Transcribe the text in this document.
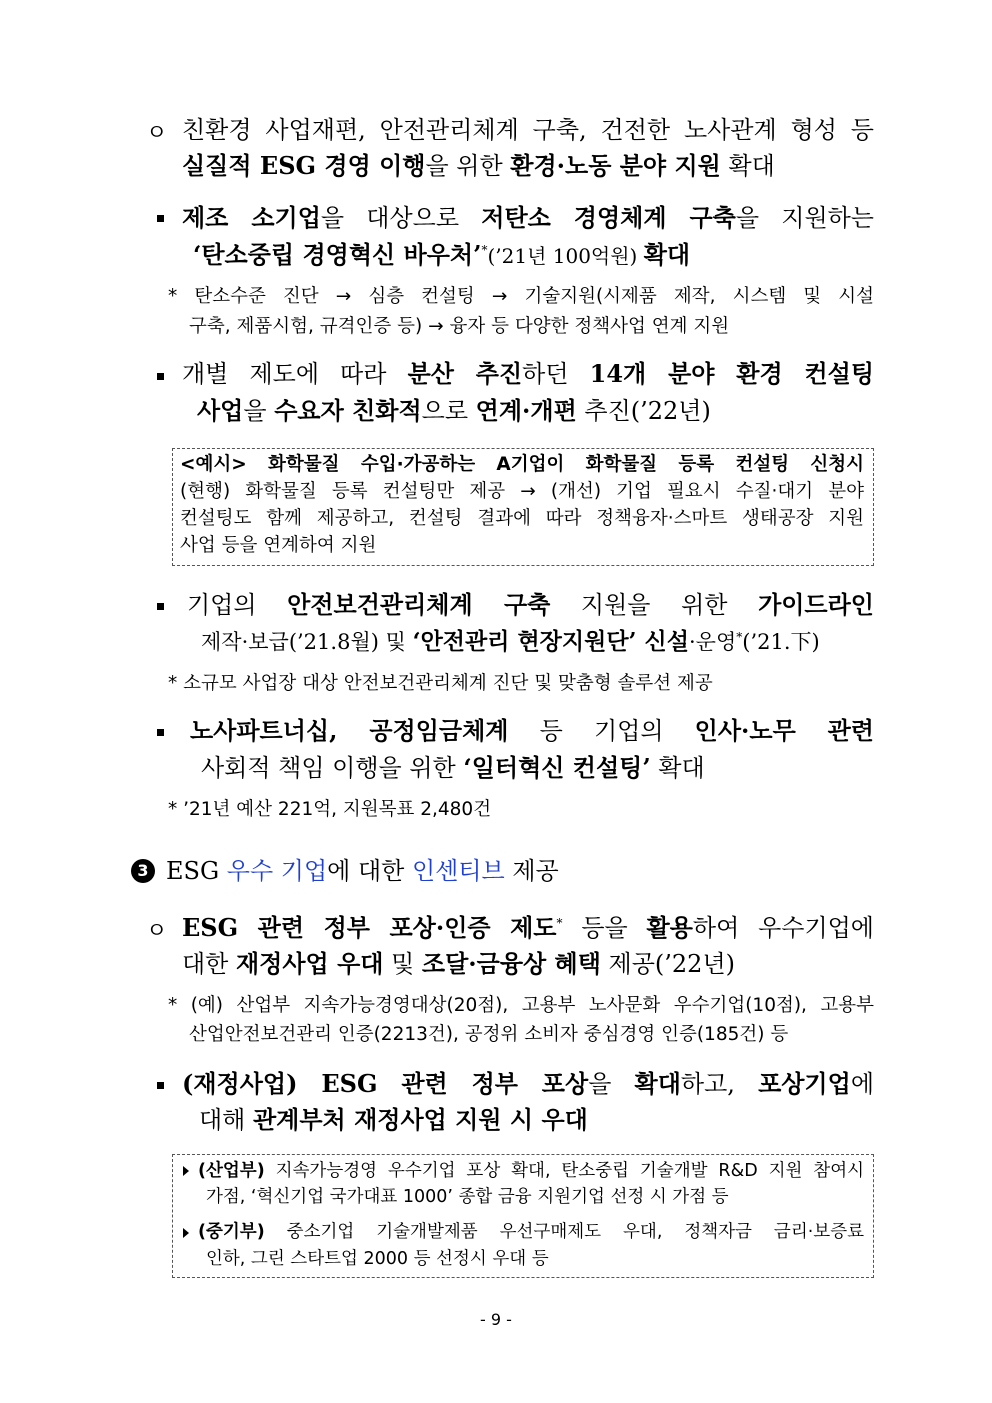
ㅇ 친환경 사업재편, 안전관리체계 구축, 건전한 노사관계 형성 등
실질적 ESG 경영 이행을 위한 환경·노동 분야 지원 확대
제조 소기업을 대상으로 저탄소 경영체계 구축을 지원하는
‘탄소중립 경영혁신 바우처’*(’21년 100억원) 확대
* 탄소수준 진단 → 심층 컨설팅 → 기술지원(시제품 제작, 시스템 및 시설
구축, 제품시험, 규격인증 등) → 융자 등 다양한 정책사업 연계 지원
개별 제도에 따라 분산 추진하던 14개 분야 환경 컨설팅
사업을 수요자 친화적으로 연계·개편 추진(’22년)
<예시> 화학물질 수입·가공하는 A기업이 화학물질 등록 컨설팅 신청시
(현행) 화학물질 등록 컨설팅만 제공 → (개선) 기업 필요시 수질·대기 분야
컨설팅도 함께 제공하고, 컨설팅 결과에 따라 정책융자·스마트 생태공장 지원
사업 등을 연계하여 지원
기업의 안전보건관리체계 구축 지원을 위한 가이드라인
제작·보급(’21.8월) 및 ‘안전관리 현장지원단’ 신설·운영*(’21.下)
* 소규모 사업장 대상 안전보건관리체계 진단 및 맞춤형 솔루션 제공
노사파트너십, 공정임금체계 등 기업의 인사·노무 관련
사회적 책임 이행을 위한 ‘일터혁신 컨설팅’ 확대
* ’21년 예산 221억, 지원목표 2,480건
3 ESG 우수 기업에 대한 인센티브 제공
ㅇ ESG 관련 정부 포상·인증 제도* 등을 활용하여 우수기업에
대한 재정사업 우대 및 조달·금융상 혜택 제공(’22년)
* (예) 산업부 지속가능경영대상(20점), 고용부 노사문화 우수기업(10점), 고용부
산업안전보건관리 인증(2213건), 공정위 소비자 중심경영 인증(185건) 등
(재정사업) ESG 관련 정부 포상을 확대하고, 포상기업에
대해 관계부처 재정사업 지원 시 우대
(산업부) 지속가능경영 우수기업 포상 확대, 탄소중립 기술개발 R&D 지원 참여시
가점, ‘혁신기업 국가대표 1000’ 종합 금융 지원기업 선정 시 가점 등
(중기부) 중소기업 기술개발제품 우선구매제도 우대, 정책자금 금리·보증료
인하, 그린 스타트업 2000 등 선정시 우대 등
- 9 -
